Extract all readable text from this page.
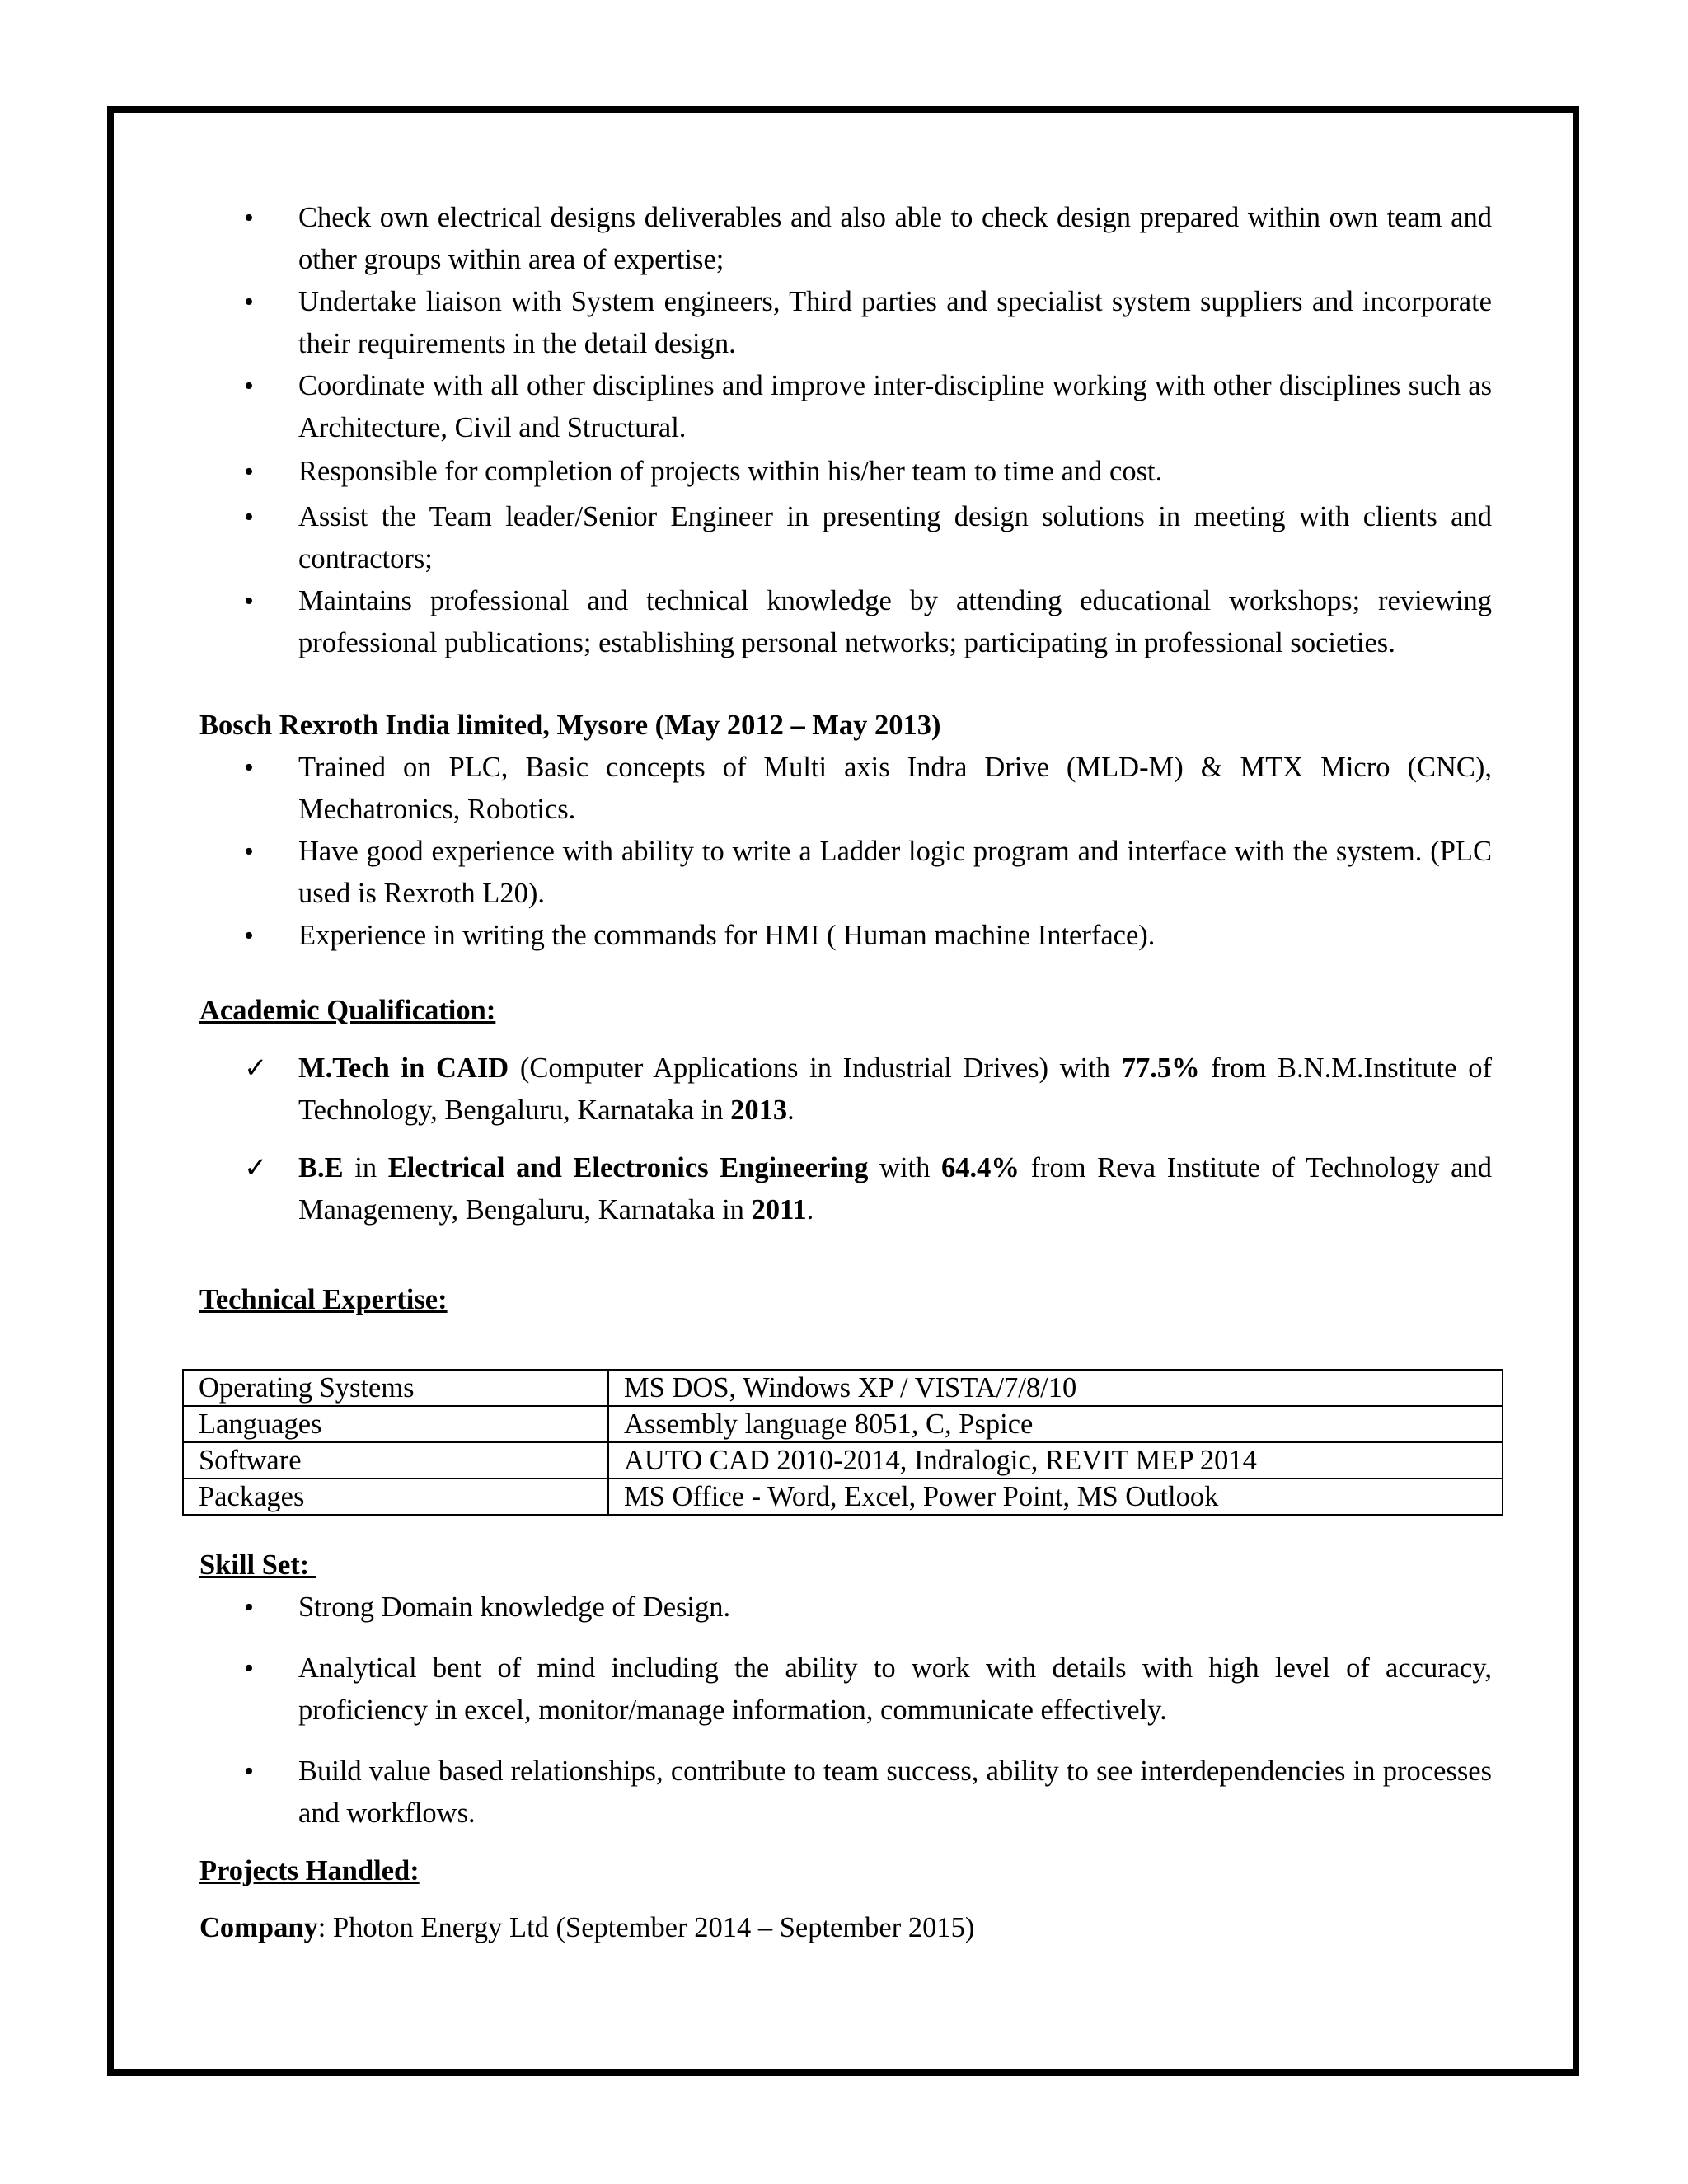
• Check own electrical designs deliverables and also able to check design prepared within own team and other groups within area of expertise;
• Undertake liaison with System engineers, Third parties and specialist system suppliers and incorporate their requirements in the detail design.
• Coordinate with all other disciplines and improve inter-discipline working with other disciplines such as Architecture, Civil and Structural.
• Responsible for completion of projects within his/her team to time and cost.
• Assist the Team leader/Senior Engineer in presenting design solutions in meeting with clients and contractors;
• Maintains professional and technical knowledge by attending educational workshops; reviewing professional publications; establishing personal networks; participating in professional societies.
Bosch Rexroth India limited, Mysore (May 2012 – May 2013)
• Trained on PLC, Basic concepts of Multi axis Indra Drive (MLD-M) & MTX Micro (CNC), Mechatronics, Robotics.
• Have good experience with ability to write a Ladder logic program and interface with the system. (PLC used is Rexroth L20).
• Experience in writing the commands for HMI ( Human machine Interface).
Academic Qualification:
✓ M.Tech in CAID (Computer Applications in Industrial Drives) with 77.5% from B.N.M.Institute of Technology, Bengaluru, Karnataka in 2013.
✓ B.E in Electrical and Electronics Engineering with 64.4% from Reva Institute of Technology and Managemeny, Bengaluru, Karnataka in 2011.
Technical Expertise:
Operating Systems	MS DOS, Windows XP / VISTA/7/8/10
Languages	Assembly language 8051, C, Pspice
Software	AUTO CAD 2010-2014, Indralogic, REVIT MEP 2014
Packages	MS Office - Word, Excel, Power Point, MS Outlook
Skill Set:
• Strong Domain knowledge of Design.
• Analytical bent of mind including the ability to work with details with high level of accuracy, proficiency in excel, monitor/manage information, communicate effectively.
• Build value based relationships, contribute to team success, ability to see interdependencies in processes and workflows.
Projects Handled:
Company: Photon Energy Ltd (September 2014 – September 2015)
